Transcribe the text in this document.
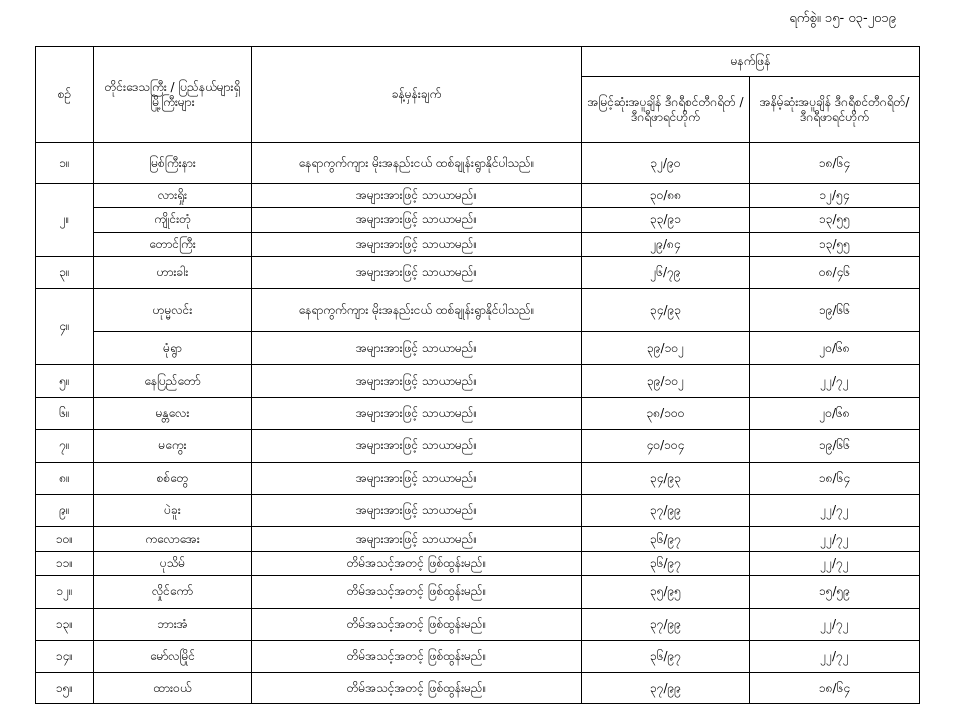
ရက်စွဲ။ ၁၅- ၀၃-၂၀၁၉
စဉ်	တိုင်းဒေသကြီး / ပြည်နယ်များရှိ မြို့ကြီးများ	ခန့်မှန်းချက်	မနက်ဖြန်	
			အမြင့်ဆုံးအပူချိန် ဒီဂရီစင်တီဂရိတ် / ဒီဂရီဖာရင်ဟိုက်	အနိမ့်ဆုံးအပူချိန် ဒီဂရီစင်တီဂရိတ်/ ဒီဂရီဖာရင်ဟိုက်
၁။	မြစ်ကြီးနား	နေရာကွက်ကျား မိုးအနည်းငယ် ထစ်ချုန်းရွာနိုင်ပါသည်။	၃၂/၉၀	၁၈/၆၄
၂။	လားရှိုး	အများအားဖြင့် သာယာမည်။	၃၀/၈၈	၁၂/၅၄
	ကျိုင်းတုံ	အများအားဖြင့် သာယာမည်။	၃၃/၉၁	၁၃/၅၅
	တောင်ကြီး	အများအားဖြင့် သာယာမည်။	၂၉/၈၄	၁၃/၅၅
၃။	ဟားခါး	အများအားဖြင့် သာယာမည်။	၂၆/၇၉	၀၈/၄၆
၄။	ဟုမ္မလင်း	နေရာကွက်ကျား မိုးအနည်းငယ် ထစ်ချုန်းရွာနိုင်ပါသည်။	၃၄/၉၃	၁၉/၆၆
	မုံရွာ	အများအားဖြင့် သာယာမည်။	၃၉/၁၀၂	၂၀/၆၈
၅။	နေပြည်တော်	အများအားဖြင့် သာယာမည်။	၃၉/၁၀၂	၂၂/၇၂
၆။	မန္တလေး	အများအားဖြင့် သာယာမည်။	၃၈/၁၀၀	၂၀/၆၈
၇။	မကွေး	အများအားဖြင့် သာယာမည်။	၄၀/၁၀၄	၁၉/၆၆
၈။	စစ်တွေ	အများအားဖြင့် သာယာမည်။	၃၄/၉၃	၁၈/၆၄
၉။	ပဲခူး	အများအားဖြင့် သာယာမည်။	၃၇/၉၉	၂၂/၇၂
၁၀။	ကလောအေး	အများအားဖြင့် သာယာမည်။	၃၆/၉၇	၂၂/၇၂
၁၁။	ပုသိမ်	တိမ်အသင့်အတင့် ဖြစ်ထွန်းမည်။	၃၆/၉၇	၂၂/၇၂
၁၂။	လှိုင်ကော်	တိမ်အသင့်အတင့် ဖြစ်ထွန်းမည်။	၃၅/၉၅	၁၅/၅၉
၁၃။	ဘားအံ	တိမ်အသင့်အတင့် ဖြစ်ထွန်းမည်။	၃၇/၉၉	၂၂/၇၂
၁၄။	မော်လမြိုင်	တိမ်အသင့်အတင့် ဖြစ်ထွန်းမည်။	၃၆/၉၇	၂၂/၇၂
၁၅။	ထားဝယ်	တိမ်အသင့်အတင့် ဖြစ်ထွန်းမည်။	၃၇/၉၉	၁၈/၆၄
